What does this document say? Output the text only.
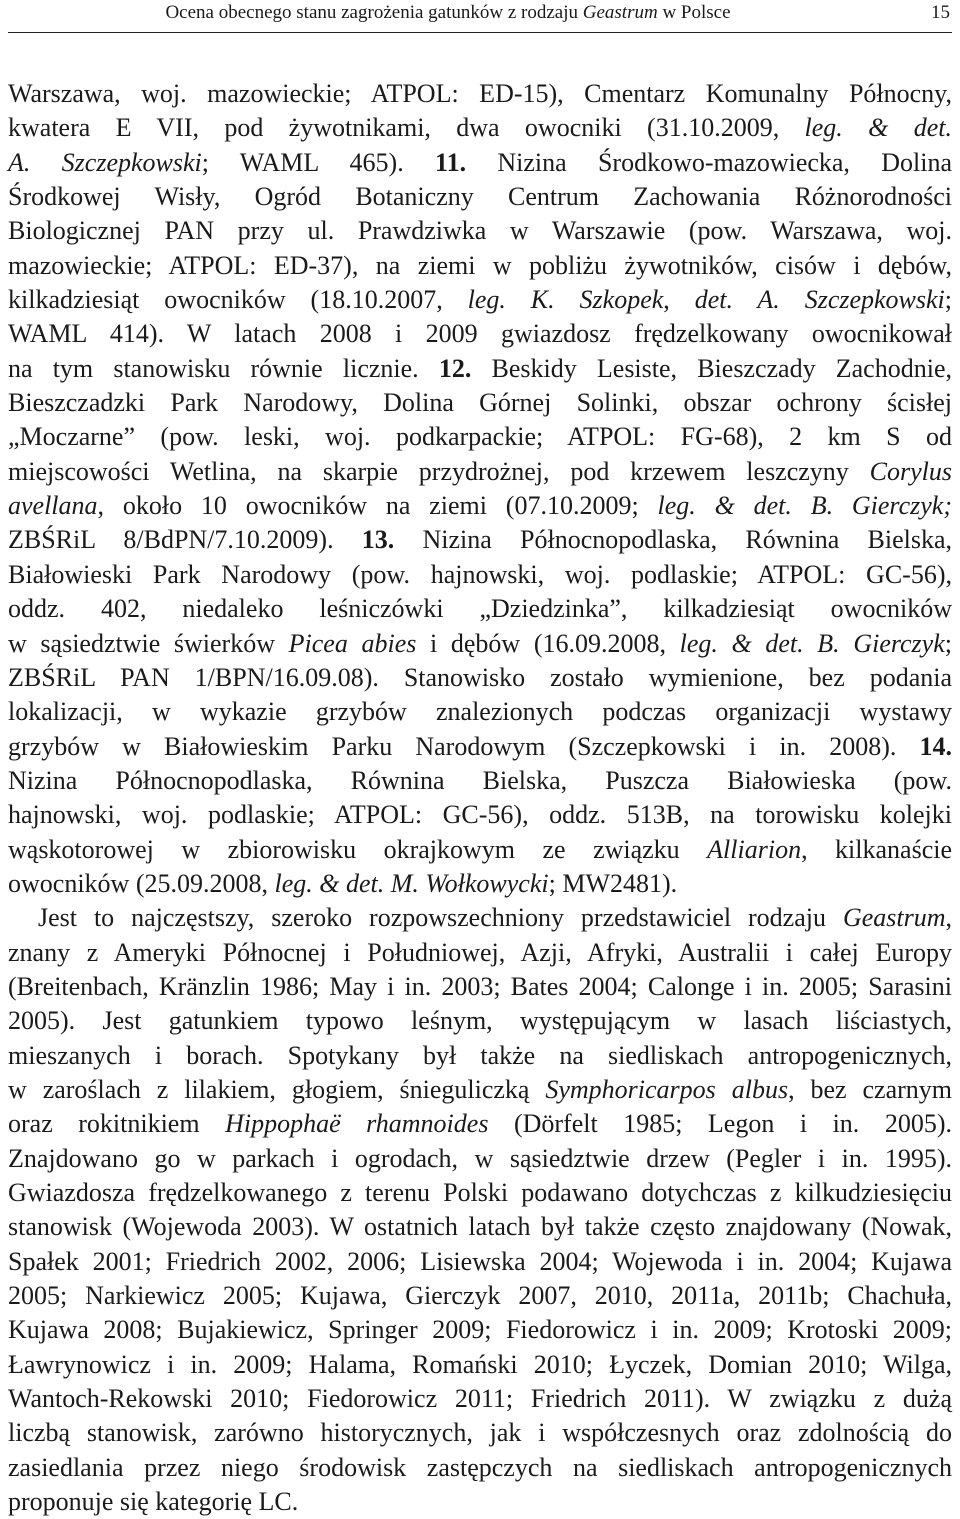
Ocena obecnego stanu zagrożenia gatunków z rodzaju Geastrum w Polsce	15
Warszawa, woj. mazowieckie; ATPOL: ED-15), Cmentarz Komunalny Północny,
kwatera E VII, pod żywotnikami, dwa owocniki (31.10.2009, leg. & det.
A. Szczepkowski; WAML 465). 11. Nizina Środkowo-mazowiecka, Dolina
Środkowej Wisły, Ogród Botaniczny Centrum Zachowania Różnorodności
Biologicznej PAN przy ul. Prawdziwka w Warszawie (pow. Warszawa, woj.
mazowieckie; ATPOL: ED-37), na ziemi w pobliżu żywotników, cisów i dębów,
kilkadziesiąt owocników (18.10.2007, leg. K. Szkopek, det. A. Szczepkowski;
WAML 414). W latach 2008 i 2009 gwiazdosz frędzelkowany owocnikował
na tym stanowisku równie licznie. 12. Beskidy Lesiste, Bieszczady Zachodnie,
Bieszczadzki Park Narodowy, Dolina Górnej Solinki, obszar ochrony ścisłej
„Moczarne” (pow. leski, woj. podkarpackie; ATPOL: FG-68), 2 km S od
miejscowości Wetlina, na skarpie przydrożnej, pod krzewem leszczyny Corylus
avellana, około 10 owocników na ziemi (07.10.2009; leg. & det. B. Gierczyk;
ZBŚRiL 8/BdPN/7.10.2009). 13. Nizina Północnopodlaska, Równina Bielska,
Białowieski Park Narodowy (pow. hajnowski, woj. podlaskie; ATPOL: GC-56),
oddz. 402, niedaleko leśniczówki „Dziedzinka”, kilkadziesiąt owocników
w sąsiedztwie świerków Picea abies i dębów (16.09.2008, leg. & det. B. Gierczyk;
ZBŚRiL PAN 1/BPN/16.09.08). Stanowisko zostało wymienione, bez podania
lokalizacji, w wykazie grzybów znalezionych podczas organizacji wystawy
grzybów w Białowieskim Parku Narodowym (Szczepkowski i in. 2008). 14.
Nizina Północnopodlaska, Równina Bielska, Puszcza Białowieska (pow.
hajnowski, woj. podlaskie; ATPOL: GC-56), oddz. 513B, na torowisku kolejki
wąskotorowej w zbiorowisku okrajkowym ze związku Alliarion, kilkanaście
owocników (25.09.2008, leg. & det. M. Wołkowycki; MW2481).
Jest to najczęstszy, szeroko rozpowszechniony przedstawiciel rodzaju Geastrum,
znany z Ameryki Północnej i Południowej, Azji, Afryki, Australii i całej Europy
(Breitenbach, Kränzlin 1986; May i in. 2003; Bates 2004; Calonge i in. 2005; Sarasini
2005). Jest gatunkiem typowo leśnym, występującym w lasach liściastych,
mieszanych i borach. Spotykany był także na siedliskach antropogenicznych,
w zaroślach z lilakiem, głogiem, śnieguliczką Symphoricarpos albus, bez czarnym
oraz rokitnikiem Hippophaë rhamnoides (Dörfelt 1985; Legon i in. 2005).
Znajdowano go w parkach i ogrodach, w sąsiedztwie drzew (Pegler i in. 1995).
Gwiazdosza frędzelkowanego z terenu Polski podawano dotychczas z kilkudziesięciu
stanowisk (Wojewoda 2003). W ostatnich latach był także często znajdowany (Nowak,
Spałek 2001; Friedrich 2002, 2006; Lisiewska 2004; Wojewoda i in. 2004; Kujawa
2005; Narkiewicz 2005; Kujawa, Gierczyk 2007, 2010, 2011a, 2011b; Chachuła,
Kujawa 2008; Bujakiewicz, Springer 2009; Fiedorowicz i in. 2009; Krotoski 2009;
Ławrynowicz i in. 2009; Halama, Romański 2010; Łyczek, Domian 2010; Wilga,
Wantoch-Rekowski 2010; Fiedorowicz 2011; Friedrich 2011). W związku z dużą
liczbą stanowisk, zarówno historycznych, jak i współczesnych oraz zdolnością do
zasiedlania przez niego środowisk zastępczych na siedliskach antropogenicznych
proponuje się kategorię LC.
